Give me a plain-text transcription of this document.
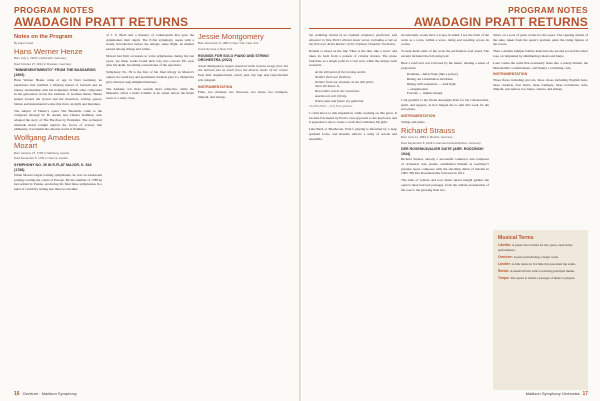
PROGRAM NOTES
AWADAGIN PRATT RETURNS
Notes on the Program
By Aaron Grad
Hans Werner Henze
Born July 1, 1926 in Gütersloh, Germany
Died October 27, 2012 in Dresden, Germany
“MINNESENTIMIENTO” FROM THE BASSARIDS (1965)

Hans Werner Henze came of age in Nazi Germany, an experience that instilled a lifelong hatred of fascism and an uneasy relationship with his homeland. While other composers in his generation recast the tradition of German music, Henze leaned toward the lyrical and the theatrical, writing operas, ballets and instrumental works that drew on myth and literature.

The subject of Henze’s opera The Bassarids came to the composer through W. H. Auden and Chester Kallman, who adapted the story of The Bacchae by Euripides. The orchestral interlude heard tonight depicts the forces of ecstasy that ultimately overwhelm the rational world of Pentheus.

Wolfgang Amadeus Mozart
Born January 27, 1756 in Salzburg, Austria
Died December 5, 1791 in Vienna, Austria
SYMPHONY NO. 39 IN E-FLAT MAJOR, K. 543 (1788)

When Mozart began writing symphonies, he was an adolescent prodigy touring the courts of Europe. By the summer of 1788 he had settled in Vienna, producing his final three symphonies in a burst of creativity lasting less than two months.

of J. S. Bach and a mastery of counterpoint that gave the symphonies their depth. The E-flat symphony opens with a stately introduction before the Allegro takes flight, its themes passed among strings and winds.

Mozart had firm occasions to write symphonies during his last years, yet these works found their way into concert life soon after his death, becoming cornerstones of the repertoire.

Symphony No. 39 is the first of the final trilogy in Mozart’s output. Its warm key and prominent clarinets give it a distinctive glow that has long delighted listeners.

The Andante con moto sounds more reflective, while the Menuetto offers a rustic Ländler at its center before the finale races to a witty close.

Jessie Montgomery
Born December 8, 1981 in New York, New York
Currently lives in New York
ROUNDS FOR SOLO PIANO AND STRING ORCHESTRA (2022)

Jessie Montgomery began classical violin lessons at age four, but she learned just as much from the diverse music of her Lower East Side neighborhood, where jazz, hip hop and experimental arts mingled.

INSTRUMENTATION

Flute, two clarinets, two bassoons, two horns, two trumpets, timpani, and strings.

16 Overture · Madison Symphony
PROGRAM NOTES
AWADAGIN PRATT RETURNS

the wobbling thread of an isolated composer, performer, and educator in New York’s vibrant music scene, including a role as the first-ever Artist Partner of the Orpheus Chamber Orchestra.

Rounds is based on the line ‘Here is the line, like a wave’ and takes its form from a pattern of circular motion. The piano functions as a single point in a vast web, while the strings swirl around it.

At the still point of the turning world.
Neither flesh nor fleshless;
Neither from nor towards; at the still point,
there the dance is,
But neither arrest nor movement.
And do not call it fixity,
Where past and future are gathered.
The Still Point — from Four Quartets

I could move to this inspiration, while working on this piece. It became fascinated by Pratt’s own approach to the keyboard, and it appealed to me to create a work that celebrates his gifts.

Like Bach or Beethoven, Pratt’s playing is informed by a deep spiritual focus, and Rounds reflects a unity of soloist and ensemble.

Occasionally works have a scope, in mind, I see the form of the work as a wave, within a wave, rising and receding across its course.

To help them some of the work the performers read aloud. The excerpt included the following text:

Here a brief text was followed by the music, lending a sense of proportion:

Rondeau—AKA Node (like a prayer)
Rising out a meditation and Rises
Rising with expansion — dark light,
—sanguinolent
Fractals — infinite design

I am grateful to my friend Awadagin Pratt for his collaboration, spirit, and support, as he’s helped me to spin this work for the solo piano.

INSTRUMENTATION

Strings and piano

Richard Strauss
Born June 11, 1864 in Munich, Germany
Died September 8, 1949 in Garmisch-Partenkirchen, Germany
DER ROSENKAVALIER SUITE (ARR. RODZIŃSKI 1944)

Richard Strauss, already a successful conductor and composer of orchestral tone poems, established himself as Germany’s greatest opera composer with the shocking debut of Salome in 1905. His Der Rosenkavalier followed in 1911.

The suite of waltzes and love music heard tonight gathers the opera’s most beloved passages, from the radiant presentation of the rose to the glowing final trio.

draws on a pool of great works for the opera. The opening strains of the suite, taken from the opera’s prelude, paint the rising figures of the lovers.

Then a sudden trumpet fanfare leads into the second act and the silver rose, accompanied by shimmering celesta and harps.

Later comes the waltz that eventually fades into a stately minuet, the Marschallin’s wistful music, and finally a rollicking coda.

INSTRUMENTATION

Three flutes including piccolo, three oboes including English horn, three clarinets, four horns, three trumpets, three trombones, tuba, timpani, percussion, two harps, celesta, and strings.

Musical Terms

Libretto: A preset text written for the opera, used in the performance.

Overture: A piece introducing a larger work.

Ländler: A folk dance in 3/4 time that preceded the waltz.

Rondo: A musical form with a recurring principal theme.

Tempo: The speed at which a passage of music is played.

Madison Symphony Orchestra 17
